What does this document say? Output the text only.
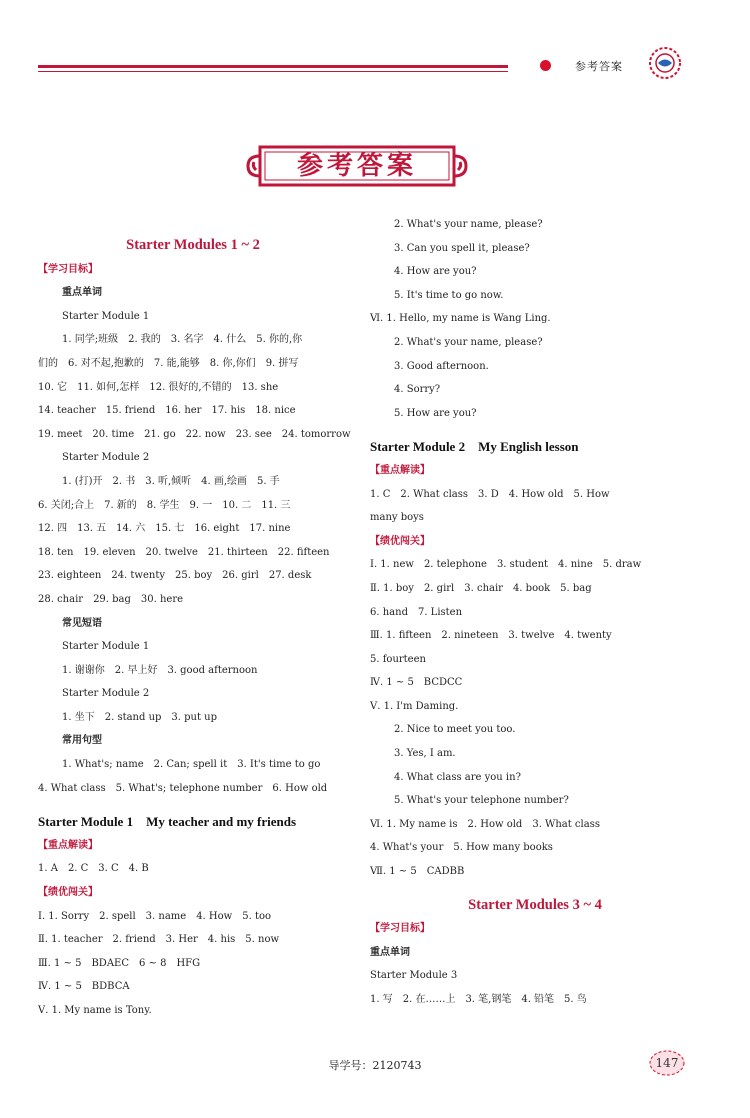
参考答案
参考答案
Starter Modules 1 ~ 2
【学习目标】
重点单词
Starter Module 1
1. 同学;班级　2. 我的　3. 名字　4. 什么　5. 你的,你
们的　6. 对不起,抱歉的　7. 能,能够　8. 你,你们　9. 拼写
10. 它　11. 如何,怎样　12. 很好的,不错的　13. she
14. teacher　15. friend　16. her　17. his　18. nice
19. meet　20. time　21. go　22. now　23. see　24. tomorrow
Starter Module 2
1. (打)开　2. 书　3. 听,倾听　4. 画,绘画　5. 手
6. 关闭;合上　7. 新的　8. 学生　9. 一　10. 二　11. 三
12. 四　13. 五　14. 六　15. 七　16. eight　17. nine
18. ten　19. eleven　20. twelve　21. thirteen　22. fifteen
23. eighteen　24. twenty　25. boy　26. girl　27. desk
28. chair　29. bag　30. here
常见短语
Starter Module 1
1. 谢谢你　2. 早上好　3. good afternoon
Starter Module 2
1. 坐下　2. stand up　3. put up
常用句型
1. What's; name　2. Can; spell it　3. It's time to go
4. What class　5. What's; telephone number　6. How old
Starter Module 1　My teacher and my friends
【重点解读】
1. A　2. C　3. C　4. B
【绩优闯关】
Ⅰ. 1. Sorry　2. spell　3. name　4. How　5. too
Ⅱ. 1. teacher　2. friend　3. Her　4. his　5. now
Ⅲ. 1 ~ 5　BDAEC　6 ~ 8　HFG
Ⅳ. 1 ~ 5　BDBCA
Ⅴ. 1. My name is Tony.
2. What's your name, please?
3. Can you spell it, please?
4. How are you?
5. It's time to go now.
Ⅵ. 1. Hello, my name is Wang Ling.
2. What's your name, please?
3. Good afternoon.
4. Sorry?
5. How are you?
Starter Module 2　My English lesson
【重点解读】
1. C　2. What class　3. D　4. How old　5. How
many boys
【绩优闯关】
Ⅰ. 1. new　2. telephone　3. student　4. nine　5. draw
Ⅱ. 1. boy　2. girl　3. chair　4. book　5. bag
6. hand　7. Listen
Ⅲ. 1. fifteen　2. nineteen　3. twelve　4. twenty
5. fourteen
Ⅳ. 1 ~ 5　BCDCC
Ⅴ. 1. I'm Daming.
2. Nice to meet you too.
3. Yes, I am.
4. What class are you in?
5. What's your telephone number?
Ⅵ. 1. My name is　2. How old　3. What class
4. What's your　5. How many books
Ⅶ. 1 ~ 5　CADBB
Starter Modules 3 ~ 4
【学习目标】
重点单词
Starter Module 3
1. 写　2. 在……上　3. 笔,钢笔　4. 铅笔　5. 鸟
导学号：2120743	147
